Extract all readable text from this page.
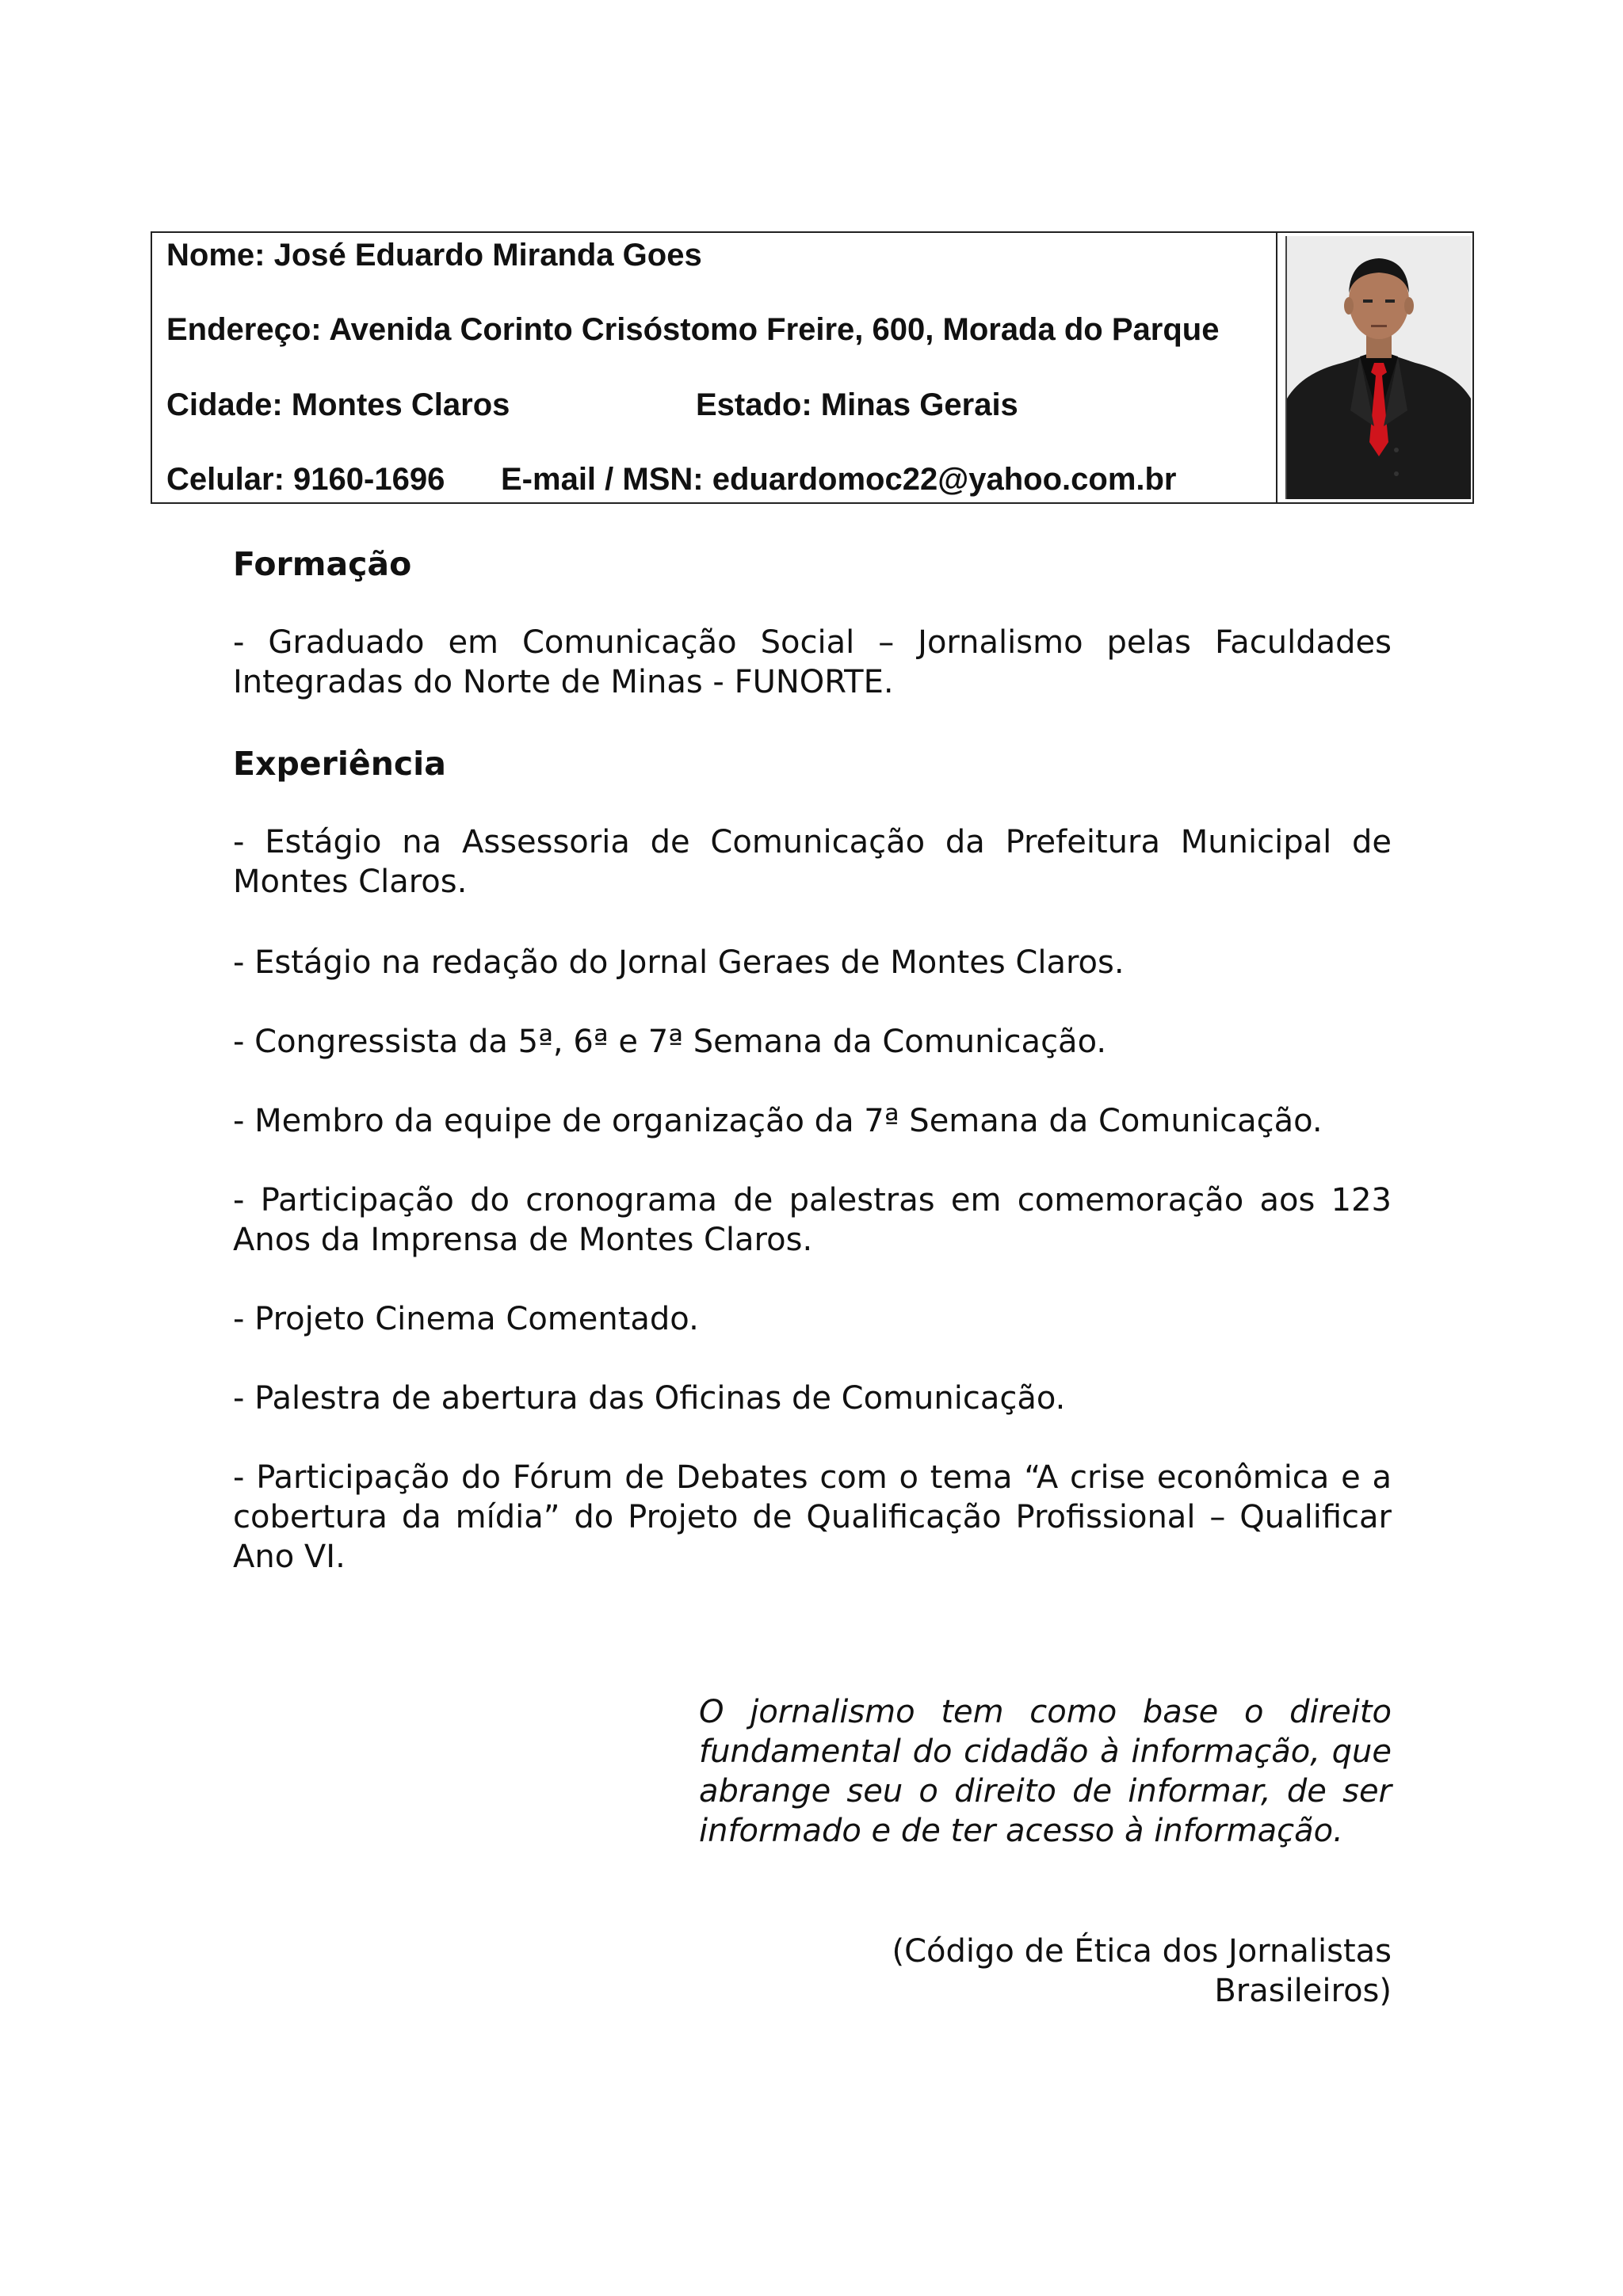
Nome: José Eduardo Miranda Goes
Endereço: Avenida Corinto Crisóstomo Freire, 600, Morada do Parque
Cidade: Montes Claros	Estado: Minas Gerais
Celular: 9160-1696 E-mail / MSN: eduardomoc22@yahoo.com.br
Formação
- Graduado em Comunicação Social – Jornalismo pelas Faculdades Integradas do Norte de Minas - FUNORTE.
Experiência
- Estágio na Assessoria de Comunicação da Prefeitura Municipal de Montes Claros.
- Estágio na redação do Jornal Geraes de Montes Claros.
- Congressista da 5ª, 6ª e 7ª Semana da Comunicação.
- Membro da equipe de organização da 7ª Semana da Comunicação.
- Participação do cronograma de palestras em comemoração aos 123 Anos da Imprensa de Montes Claros.
- Projeto Cinema Comentado.
- Palestra de abertura das Oficinas de Comunicação.
- Participação do Fórum de Debates com o tema “A crise econômica e a cobertura da mídia” do Projeto de Qualificação Profissional – Qualificar Ano VI.
O jornalismo tem como base o direito fundamental do cidadão à informação, que abrange seu o direito de informar, de ser informado e de ter acesso à informação.
(Código de Ética dos Jornalistas Brasileiros)
